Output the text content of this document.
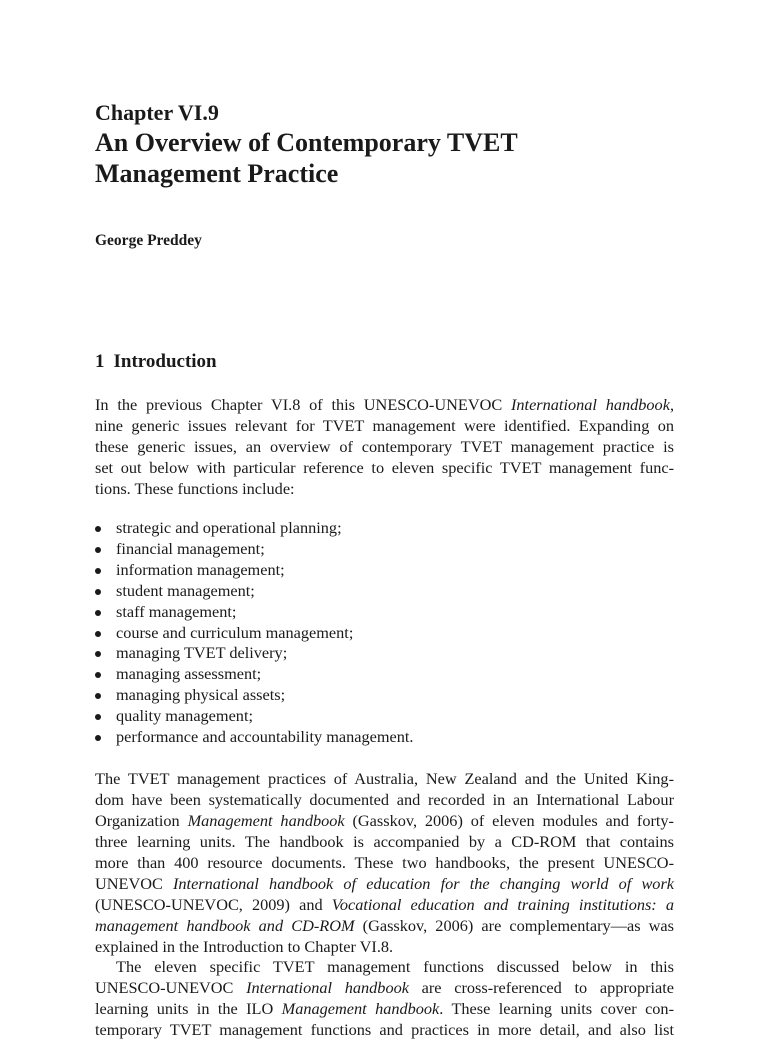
Chapter VI.9
An Overview of Contemporary TVET
Management Practice
George Preddey
1 Introduction
In the previous Chapter VI.8 of this UNESCO-UNEVOC International handbook,
nine generic issues relevant for TVET management were identified. Expanding on
these generic issues, an overview of contemporary TVET management practice is
set out below with particular reference to eleven specific TVET management func-
tions. These functions include:
strategic and operational planning;
financial management;
information management;
student management;
staff management;
course and curriculum management;
managing TVET delivery;
managing assessment;
managing physical assets;
quality management;
performance and accountability management.
The TVET management practices of Australia, New Zealand and the United King-
dom have been systematically documented and recorded in an International Labour
Organization Management handbook (Gasskov, 2006) of eleven modules and forty-
three learning units. The handbook is accompanied by a CD-ROM that contains
more than 400 resource documents. These two handbooks, the present UNESCO-
UNEVOC International handbook of education for the changing world of work
(UNESCO-UNEVOC, 2009) and Vocational education and training institutions: a
management handbook and CD-ROM (Gasskov, 2006) are complementary—as was
explained in the Introduction to Chapter VI.8.
The eleven specific TVET management functions discussed below in this
UNESCO-UNEVOC International handbook are cross-referenced to appropriate
learning units in the ILO Management handbook. These learning units cover con-
temporary TVET management functions and practices in more detail, and also list
